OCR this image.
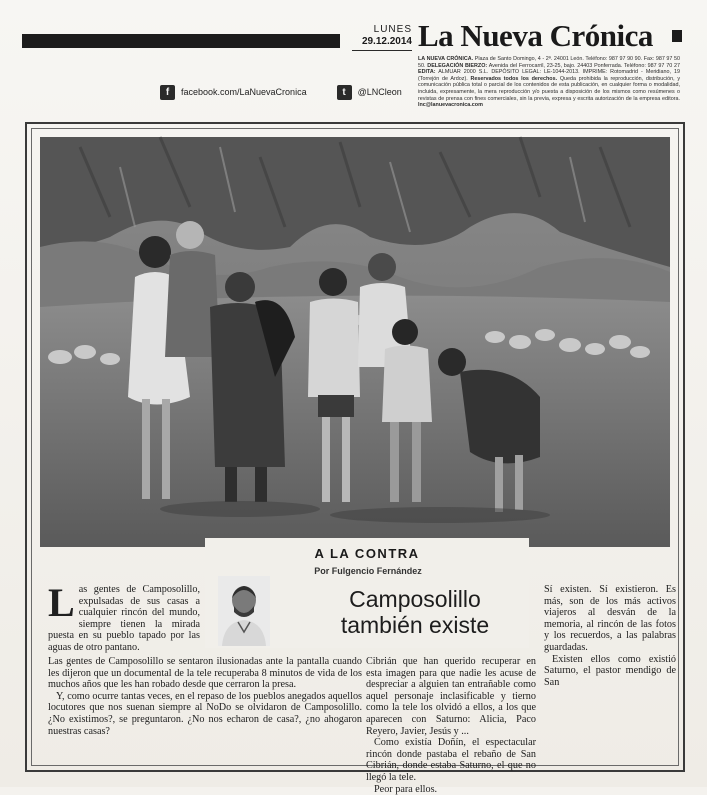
LUNES
29.12.2014 La Nueva Crónica
LA NUEVA CRÓNICA. Plaza de Santo Domingo, 4 - 2ª. 24001 León. Teléfono: 987 97 90 90. Fax: 987 97 50 50. DELEGACIÓN BIERZO: Avenida del Ferrocarril, 23-25, bajo. 24403 Ponferrada. Teléfono: 987 97 70 27 EDITA: ALMUAR 2000 S.L. DEPÓSITO LEGAL: LE-1044-2013. IMPRIME: Rotomadrid - Meridiano, 19 (Torrejón de Ardoz). Reservados todos los derechos. Queda prohibida la reproducción, distribución, y comunicación pública total o parcial de los contenidos de esta publicación, en cualquier forma o modalidad, incluida, expresamente, la mera reproducción y/o puesta a disposición de los mismos como resúmenes o revistas de prensa con fines comerciales, sin la previa, expresa y escrita autorización de la empresa editora. lnc@lanuevacronica.com
f	facebook.com/LaNuevaCronica	t	@LNCleon
A LA CONTRA
Por Fulgencio Fernández
Camposolillo
también existe

Las gentes de Camposolillo, expulsadas de sus casas a cualquier rincón del mundo, siempre tienen la mirada puesta en su pueblo tapado por las aguas de otro pantano.

Las gentes de Camposolillo se sentaron ilusionadas ante la pantalla cuando les dijeron que un documental de la tele recuperaba 8 minutos de vida de los muchos años que les han robado desde que cerraron la presa.

Y, como ocurre tantas veces, en el repaso de los pueblos anegados aquellos locutores que nos suenan siempre al NoDo se olvidaron de Camposolillo. ¿No existimos?, se preguntaron. ¿No nos echaron de casa?, ¿no ahogaron nuestras casas?

Cibrián que han querido recuperar en esta imagen para que nadie les acuse de despreciar a alguien tan entrañable como aquel personaje inclasificable y tierno como la tele los olvidó a ellos, a los que aparecen con Saturno: Alicia, Paco Reyero, Javier, Jesús y ...

Como existía Doñín, el espectacular rincón donde pastaba el rebaño de San Cibrián, donde estaba Saturno, el que no llegó la tele.

Peor para ellos.

Sí existen. Sí existieron. Es más, son de los más activos viajeros al desván de la memoria, al rincón de las fotos y los recuerdos, a las palabras guardadas.

Existen ellos como existió Saturno, el pastor mendigo de San
